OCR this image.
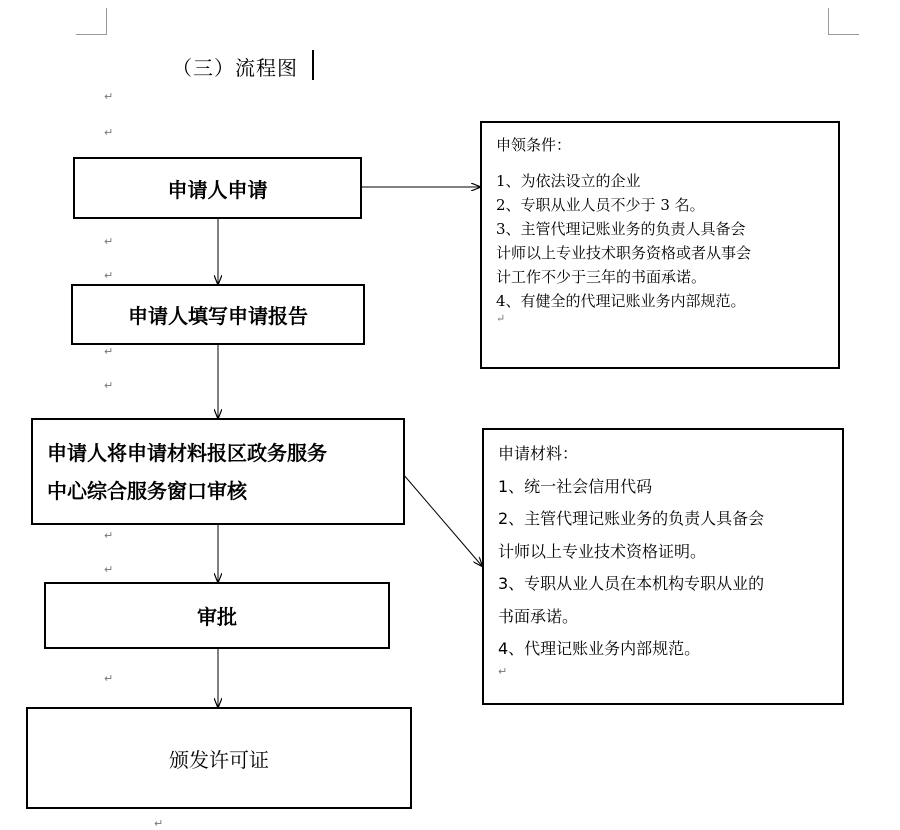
（三）流程图
↵
↵
↵
↵
↵
↵
↵
↵
↵
↵
申请人申请
申请人填写申请报告
申请人将申请材料报区政务服务
中心综合服务窗口审核
审批
颁发许可证
申领条件：
1、为依法设立的企业
2、专职从业人员不少于 3 名。
3、主管代理记账业务的负责人具备会
计师以上专业技术职务资格或者从事会
计工作不少于三年的书面承诺。
4、有健全的代理记账业务内部规范。
↵
申请材料：
1、统一社会信用代码
2、主管代理记账业务的负责人具备会
计师以上专业技术资格证明。
3、专职从业人员在本机构专职从业的
书面承诺。
4、代理记账业务内部规范。
↵
